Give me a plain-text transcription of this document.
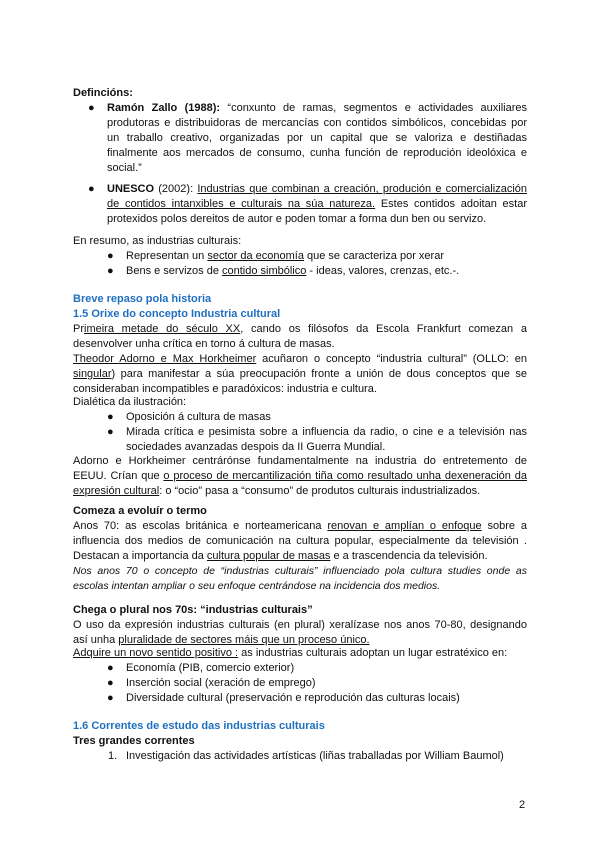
Defincións:

● Ramón Zallo (1988): “conxunto de ramas, segmentos e actividades auxiliares produtoras e distribuidoras de mercancías con contidos simbólicos, concebidas por un traballo creativo, organizadas por un capital que se valoriza e destiñadas finalmente aos mercados de consumo, cunha función de reprodución ideolóxica e social.”
● UNESCO (2002): Industrias que combinan a creación, produción e comercialización de contidos intanxibles e culturais na súa natureza. Estes contidos adoitan estar protexidos polos dereitos de autor e poden tomar a forma dun ben ou servizo.

En resumo, as industrias culturais:

● Representan un sector da economía que se caracteriza por xerar
● Bens e servizos de contido simbólico - ideas, valores, crenzas, etc.-.

Breve repaso pola historia

1.5 Orixe do concepto Industria cultural

Primeira metade do século XX, cando os filósofos da Escola Frankfurt comezan a desenvolver unha crítica en torno á cultura de masas.
Theodor Adorno e Max Horkheimer acuñaron o concepto “industria cultural” (OLLO: en singular) para manifestar a súa preocupación fronte a unión de dous conceptos que se consideraban incompatibles e paradóxicos: industria e cultura.

Dialética da ilustración:

● Oposición á cultura de masas
● Mirada crítica e pesimista sobre a influencia da radio, o cine e a televisión nas sociedades avanzadas despois da II Guerra Mundial.
Adorno e Horkheimer centrárónse fundamentalmente na industria do entretemento de EEUU. Crían que o proceso de mercantilización tiña como resultado unha dexeneración da expresión cultural: o “ocio” pasa a “consumo” de produtos culturais industrializados.

Comeza a evoluír o termo

Anos 70: as escolas británica e norteamericana renovan e amplían o enfoque sobre a influencia dos medios de comunicación na cultura popular, especialmente da televisión . Destacan a importancia da cultura popular de masas e a trascendencia da televisión.
Nos anos 70 o concepto de “industrias culturais” influenciado pola cultura studies onde as escolas intentan ampliar o seu enfoque centrándose na incidencia dos medios.

Chega o plural nos 70s: “industrias culturais”

O uso da expresión industrias culturais (en plural) xeralízase nos anos 70-80, designando así unha pluralidade de sectores máis que un proceso único.
Adquire un novo sentido positivo : as industrias culturais adoptan un lugar estratéxico en:
● Economía (PIB, comercio exterior)
● Inserción social (xeración de emprego)
● Diversidade cultural (preservación e reprodución das culturas locais)

1.6 Correntes de estudo das industrias culturais

Tres grandes correntes

1. Investigación das actividades artísticas (liñas traballadas por William Baumol)
2
